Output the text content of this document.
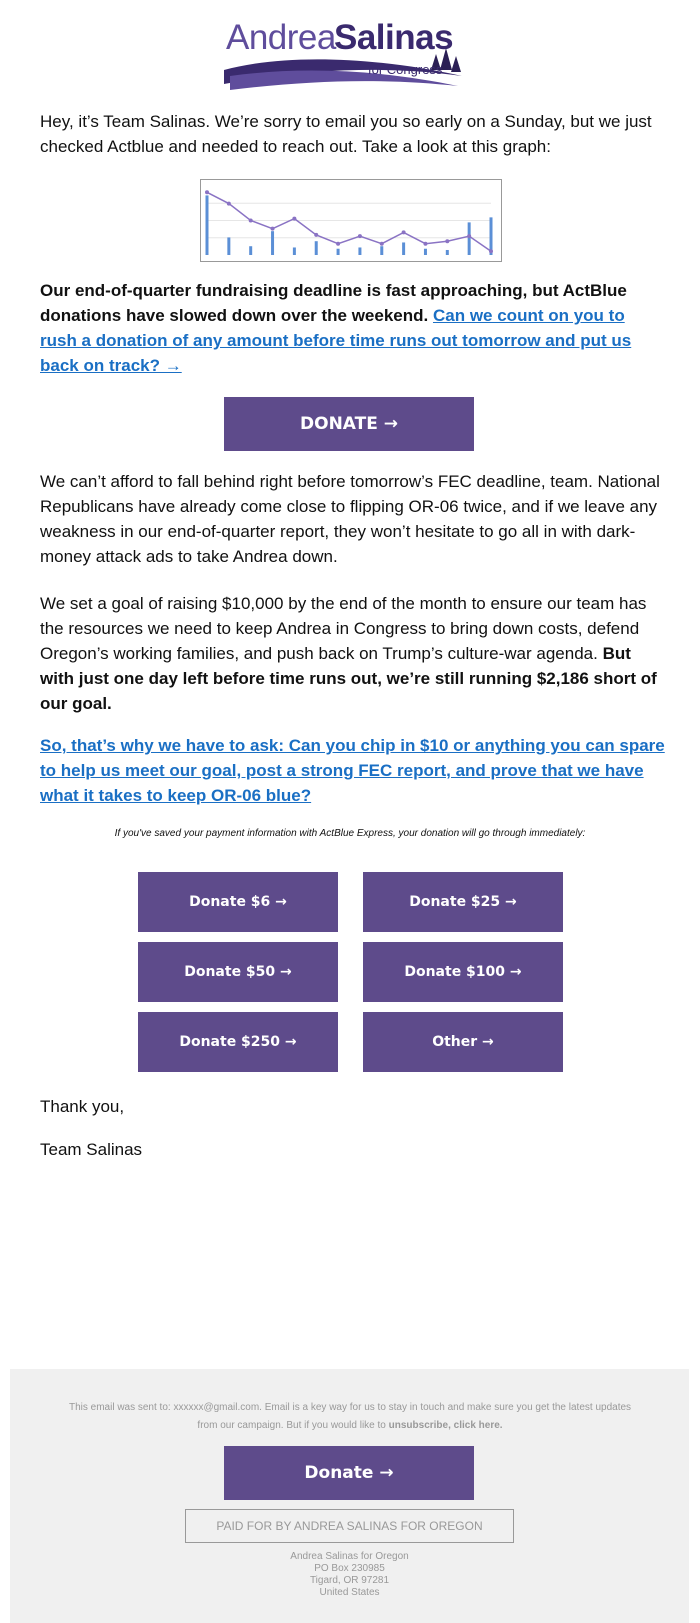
Andrea
Salinas
for Congress

Hey, it’s Team Salinas. We’re sorry to email you so early on a Sunday, but we just checked Actblue and needed to reach out. Take a look at this graph:

Our end-of-quarter fundraising deadline is fast approaching, but ActBlue donations have slowed down over the weekend. Can we count on you to rush a donation of any amount before time runs out tomorrow and put us back on track? →

DONATE →

We can’t afford to fall behind right before tomorrow’s FEC deadline, team. National Republicans have already come close to flipping OR-06 twice, and if we leave any weakness in our end-of-quarter report, they won’t hesitate to go all in with dark-money attack ads to take Andrea down.

We set a goal of raising $10,000 by the end of the month to ensure our team has the resources we need to keep Andrea in Congress to bring down costs, defend Oregon’s working families, and push back on Trump’s culture-war agenda. But with just one day left before time runs out, we’re still running $2,186 short of our goal.

So, that’s why we have to ask: Can you chip in $10 or anything you can spare to help us meet our goal, post a strong FEC report, and prove that we have what it takes to keep OR-06 blue?

If you've saved your payment information with ActBlue Express, your donation will go through immediately:
Donate $6 →	Donate $25 →
Donate $50 →	Donate $100 →
Donate $250 →	Other →
Thank you,
Team Salinas
This email was sent to: xxxxxx@gmail.com. Email is a key way for us to stay in touch and make sure you get the latest updates from our campaign. But if you would like to unsubscribe, click here.
Donate →
PAID FOR BY ANDREA SALINAS FOR OREGON
Andrea Salinas for Oregon
PO Box 230985
Tigard, OR 97281
United States
